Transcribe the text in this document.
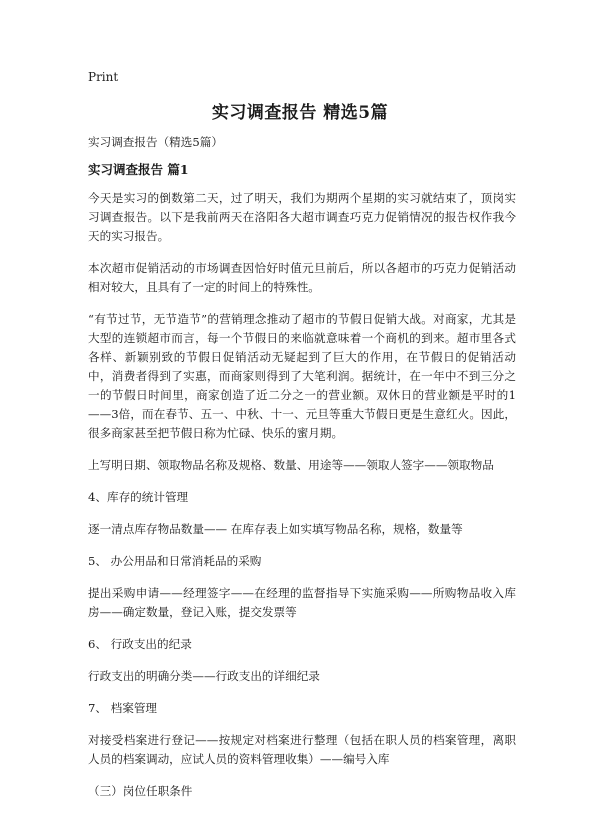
Print
实习调查报告 精选5篇

实习调查报告（精选5篇）

实习调查报告 篇1

今天是实习的倒数第二天，过了明天，我们为期两个星期的实习就结束了，顶岗实习调查报告。以下是我前两天在洛阳各大超市调查巧克力促销情况的报告权作我今天的实习报告。

本次超市促销活动的市场调查因恰好时值元旦前后，所以各超市的巧克力促销活动相对较大，且具有了一定的时间上的特殊性。

“有节过节，无节造节”的营销理念推动了超市的节假日促销大战。对商家，尤其是大型的连锁超市而言，每一个节假日的来临就意味着一个商机的到来。超市里各式各样、新颖别致的节假日促销活动无疑起到了巨大的作用，在节假日的促销活动中，消费者得到了实惠，而商家则得到了大笔利润。据统计，在一年中不到三分之一的节假日时间里，商家创造了近二分之一的营业额。双休日的营业额是平时的1——3倍，而在春节、五一、中秋、十一、元旦等重大节假日更是生意红火。因此，很多商家甚至把节假日称为忙碌、快乐的蜜月期。

上写明日期、领取物品名称及规格、数量、用途等——领取人签字——领取物品

4、库存的统计管理

逐一清点库存物品数量—— 在库存表上如实填写物品名称，规格，数量等

5、 办公用品和日常消耗品的采购

提出采购申请——经理签字——在经理的监督指导下实施采购——所购物品收入库房——确定数量，登记入账，提交发票等

6、 行政支出的纪录

行政支出的明确分类——行政支出的详细纪录

7、 档案管理

对接受档案进行登记——按规定对档案进行整理（包括在职人员的档案管理，离职人员的档案调动，应试人员的资料管理收集）——编号入库

（三）岗位任职条件
